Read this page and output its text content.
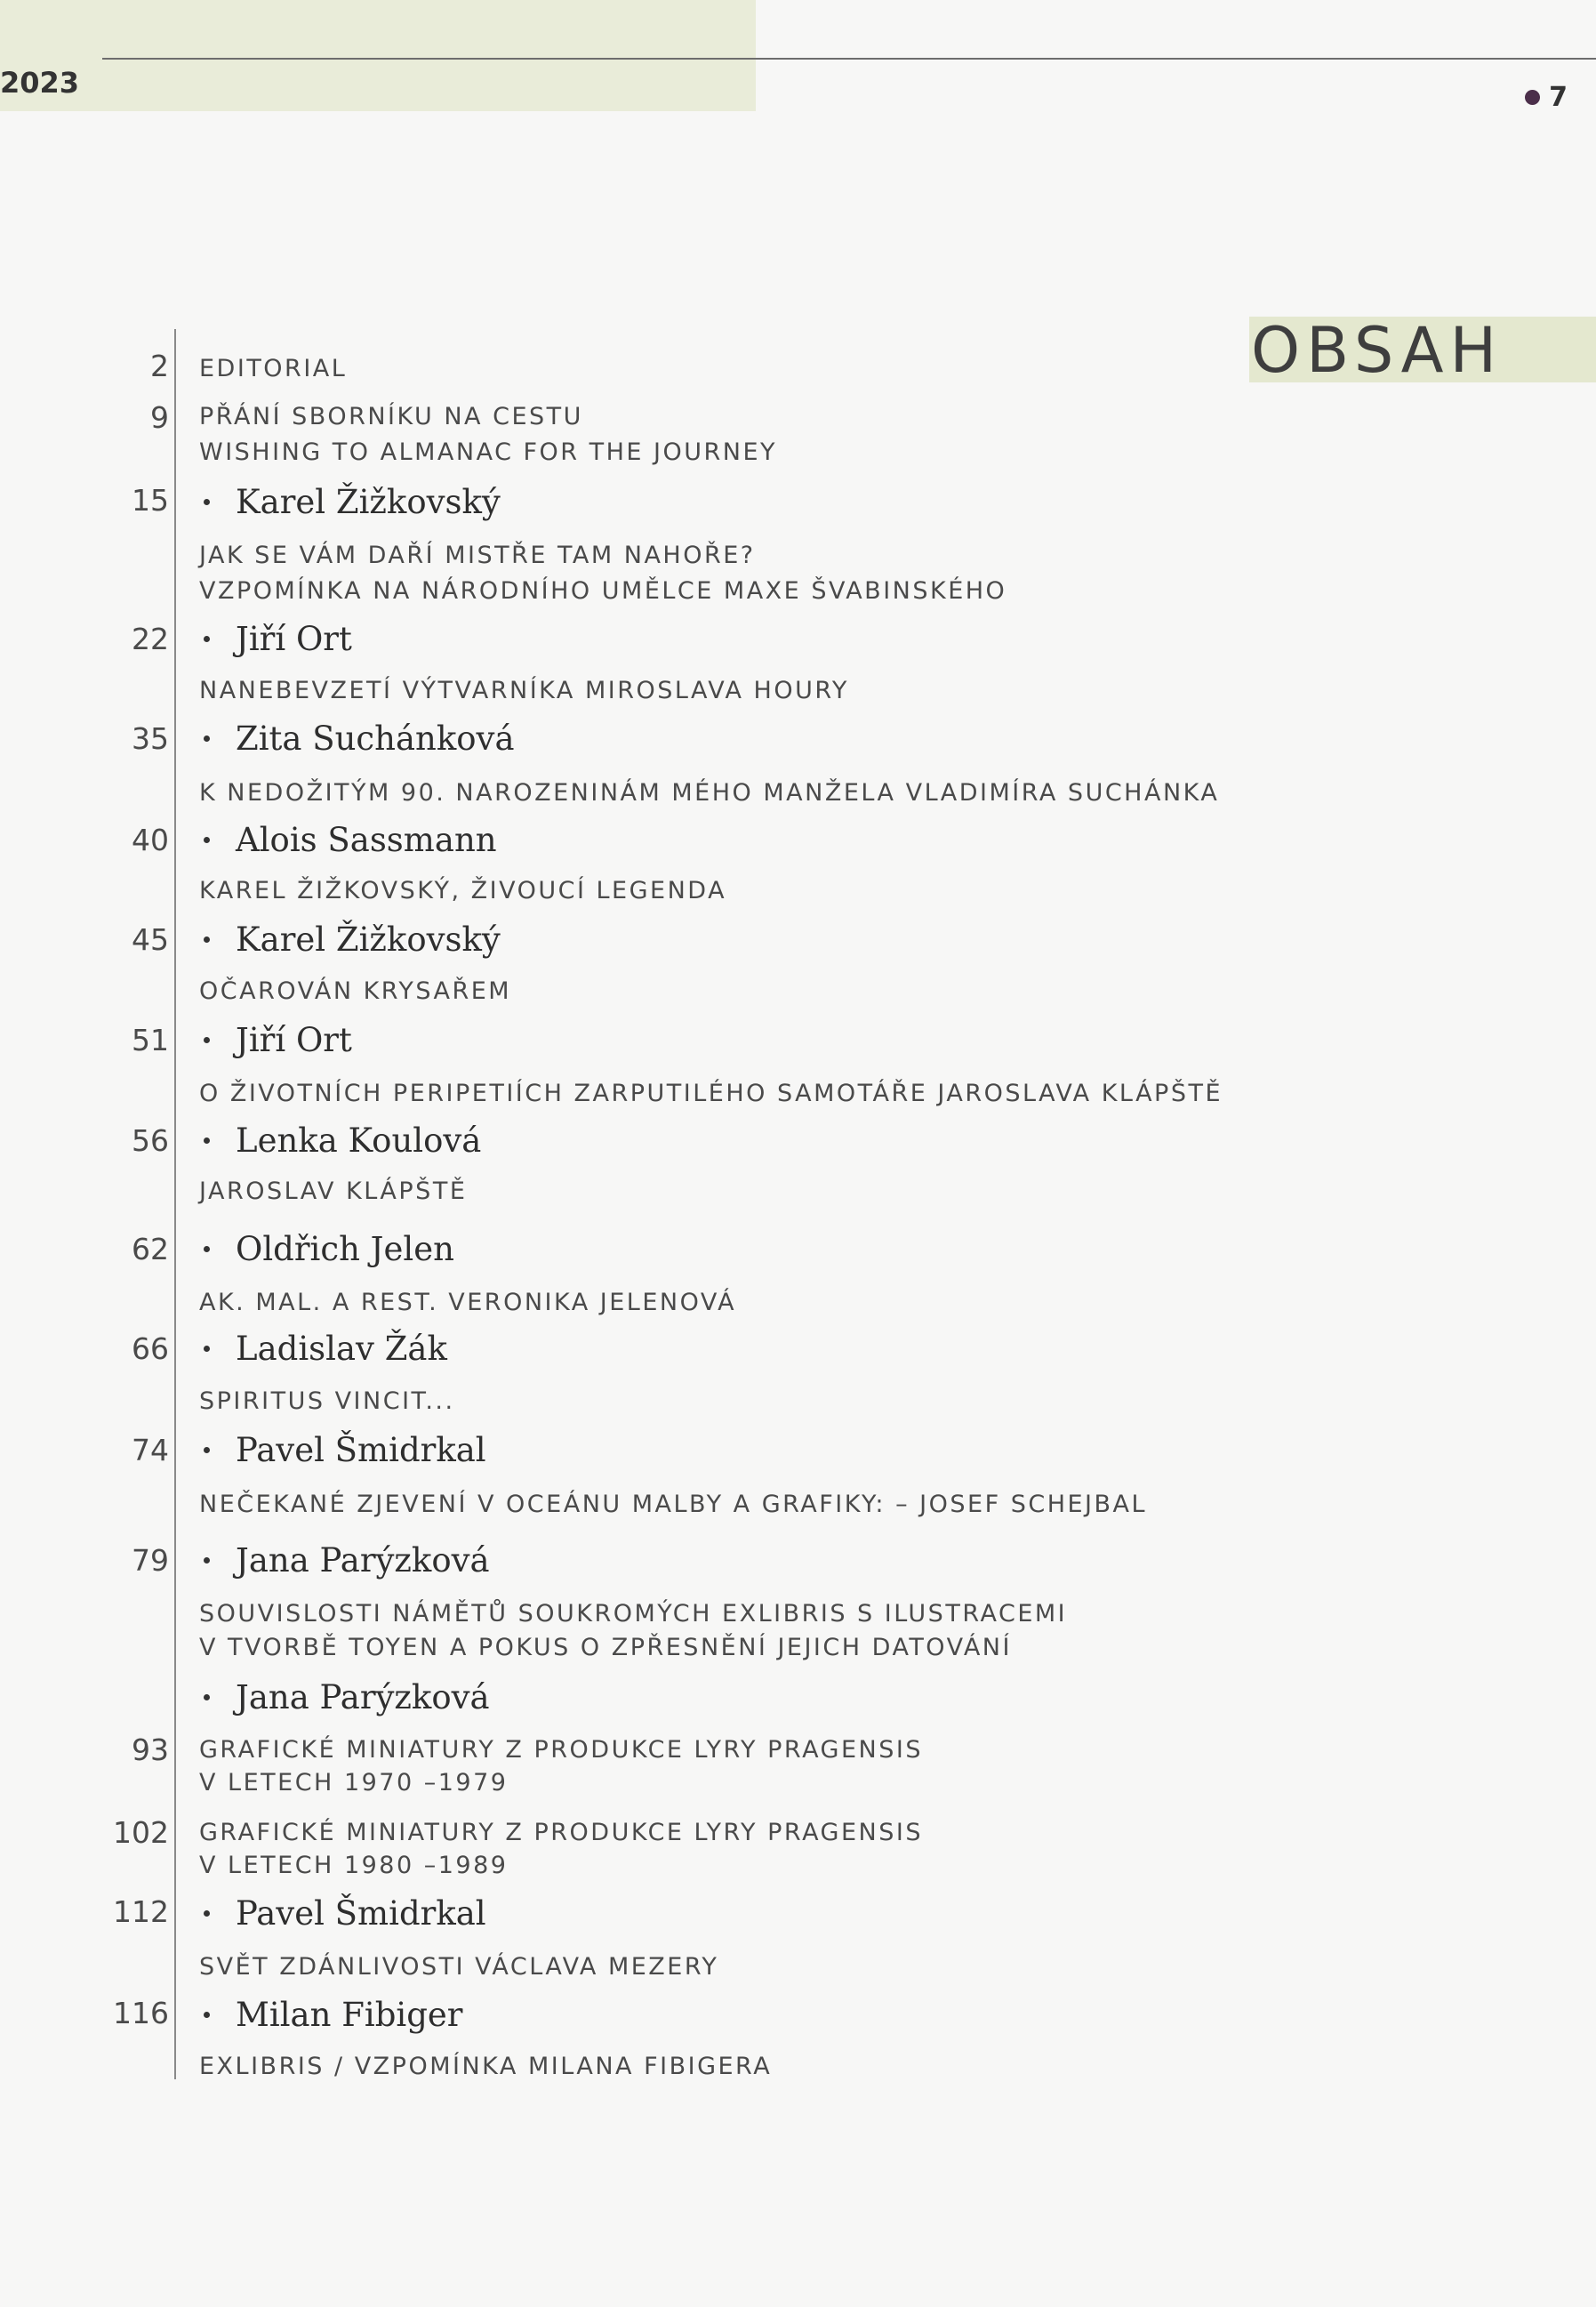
2023	7
OBSAH
2 EDITORIAL
9 PŘÁNÍ SBORNÍKU NA CESTU
WISHING TO ALMANAC FOR THE JOURNEY
15	Karel Žižkovský
JAK SE VÁM DAŘÍ MISTŘE TAM NAHOŘE?
VZPOMÍNKA NA NÁRODNÍHO UMĚLCE MAXE ŠVABINSKÉHO
22	Jiří Ort
NANEBEVZETÍ VÝTVARNÍKA MIROSLAVA HOURY
35	Zita Suchánková
K NEDOŽITÝM 90. NAROZENINÁM MÉHO MANŽELA VLADIMÍRA SUCHÁNKA
40	Alois Sassmann
KAREL ŽIŽKOVSKÝ, ŽIVOUCÍ LEGENDA
45	Karel Žižkovský
OČAROVÁN KRYSAŘEM
51	Jiří Ort
O ŽIVOTNÍCH PERIPETIÍCH ZARPUTILÉHO SAMOTÁŘE JAROSLAVA KLÁPŠTĚ
56	Lenka Koulová
JAROSLAV KLÁPŠTĚ
62	Oldřich Jelen
AK. MAL. A REST. VERONIKA JELENOVÁ
66	Ladislav Žák
SPIRITUS VINCIT...
74	Pavel Šmidrkal
NEČEKANÉ ZJEVENÍ V OCEÁNU MALBY A GRAFIKY: – JOSEF SCHEJBAL
79	Jana Parýzková
SOUVISLOSTI NÁMĚTŮ SOUKROMÝCH EXLIBRIS S ILUSTRACEMI
V TVORBĚ TOYEN A POKUS O ZPŘESNĚNÍ JEJICH DATOVÁNÍ
Jana Parýzková
93 GRAFICKÉ MINIATURY Z PRODUKCE LYRY PRAGENSIS
V LETECH 1970 –1979
102 GRAFICKÉ MINIATURY Z PRODUKCE LYRY PRAGENSIS
V LETECH 1980 –1989
112	Pavel Šmidrkal
SVĚT ZDÁNLIVOSTI VÁCLAVA MEZERY
116	Milan Fibiger
EXLIBRIS / VZPOMÍNKA MILANA FIBIGERA
